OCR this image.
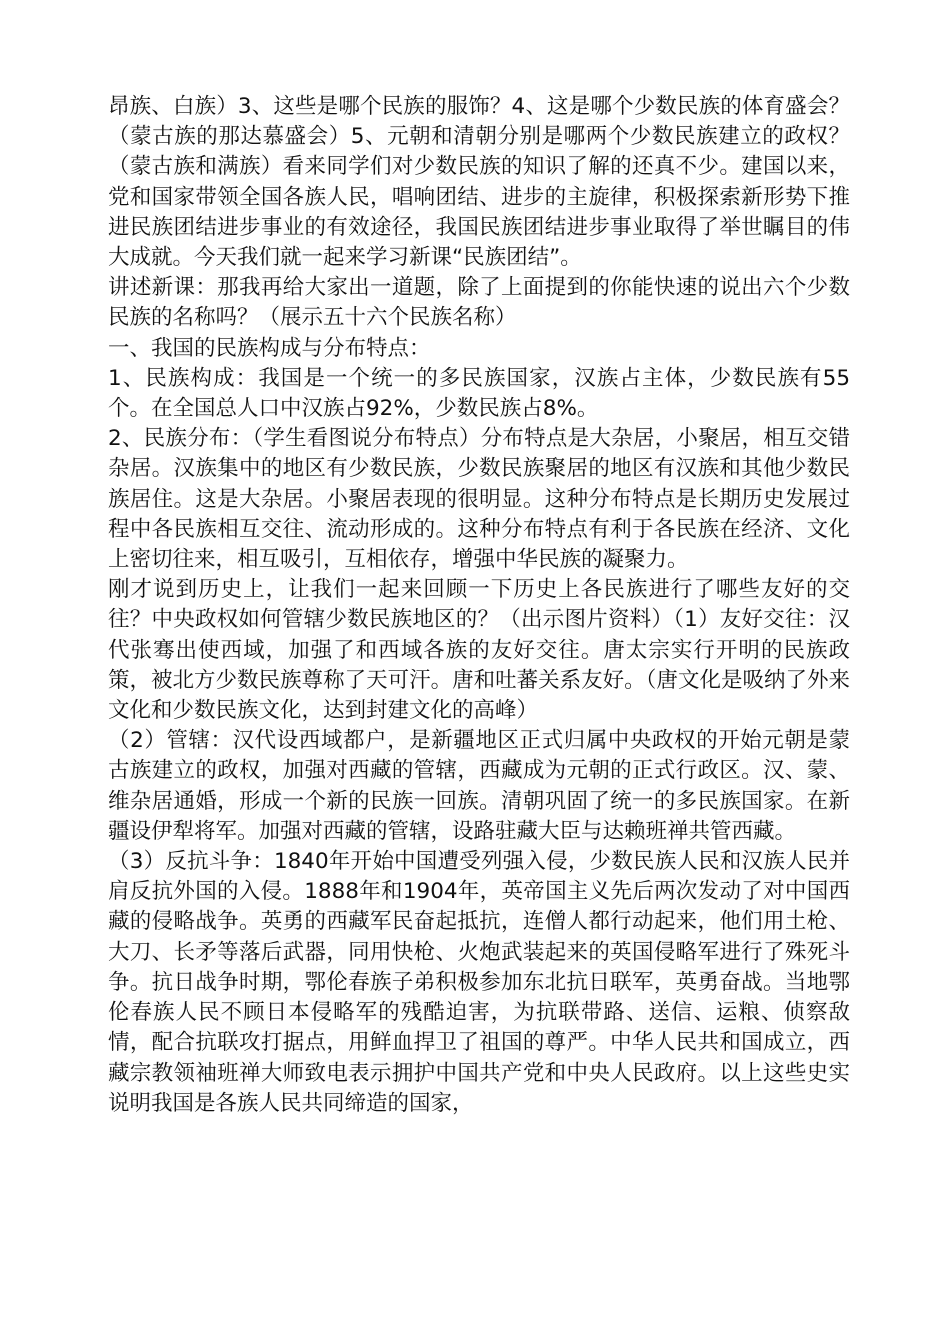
昂族、白族）3、这些是哪个民族的服饰？4、这是哪个少数民族的体育盛会？（蒙古族的那达慕盛会）5、元朝和清朝分别是哪两个少数民族建立的政权？（蒙古族和满族）看来同学们对少数民族的知识了解的还真不少。建国以来，党和国家带领全国各族人民，唱响团结、进步的主旋律，积极探索新形势下推进民族团结进步事业的有效途径，我国民族团结进步事业取得了举世瞩目的伟大成就。今天我们就一起来学习新课“民族团结”。

讲述新课：那我再给大家出一道题，除了上面提到的你能快速的说出六个少数民族的名称吗？（展示五十六个民族名称）

一、我国的民族构成与分布特点：

1、民族构成：我国是一个统一的多民族国家，汉族占主体，少数民族有55个。在全国总人口中汉族占92%，少数民族占8%。

2、民族分布：（学生看图说分布特点）分布特点是大杂居，小聚居，相互交错杂居。汉族集中的地区有少数民族，少数民族聚居的地区有汉族和其他少数民族居住。这是大杂居。小聚居表现的很明显。这种分布特点是长期历史发展过程中各民族相互交往、流动形成的。这种分布特点有利于各民族在经济、文化上密切往来，相互吸引，互相依存，增强中华民族的凝聚力。

刚才说到历史上，让我们一起来回顾一下历史上各民族进行了哪些友好的交往？中央政权如何管辖少数民族地区的？（出示图片资料）（1）友好交往：汉代张骞出使西域，加强了和西域各族的友好交往。唐太宗实行开明的民族政策，被北方少数民族尊称了天可汗。唐和吐蕃关系友好。（唐文化是吸纳了外来文化和少数民族文化，达到封建文化的高峰）

（2）管辖：汉代设西域都户，是新疆地区正式归属中央政权的开始元朝是蒙古族建立的政权，加强对西藏的管辖，西藏成为元朝的正式行政区。汉、蒙、维杂居通婚，形成一个新的民族一回族。清朝巩固了统一的多民族国家。在新疆设伊犁将军。加强对西藏的管辖，设路驻藏大臣与达赖班禅共管西藏。

（3）反抗斗争：1840年开始中国遭受列强入侵，少数民族人民和汉族人民并肩反抗外国的入侵。1888年和1904年，英帝国主义先后两次发动了对中国西藏的侵略战争。英勇的西藏军民奋起抵抗，连僧人都行动起来，他们用土枪、大刀、长矛等落后武器，同用快枪、火炮武装起来的英国侵略军进行了殊死斗争。抗日战争时期，鄂伦春族子弟积极参加东北抗日联军，英勇奋战。当地鄂伦春族人民不顾日本侵略军的残酷迫害，为抗联带路、送信、运粮、侦察敌情，配合抗联攻打据点，用鲜血捍卫了祖国的尊严。中华人民共和国成立，西藏宗教领袖班禅大师致电表示拥护中国共产党和中央人民政府。以上这些史实说明我国是各族人民共同缔造的国家，
